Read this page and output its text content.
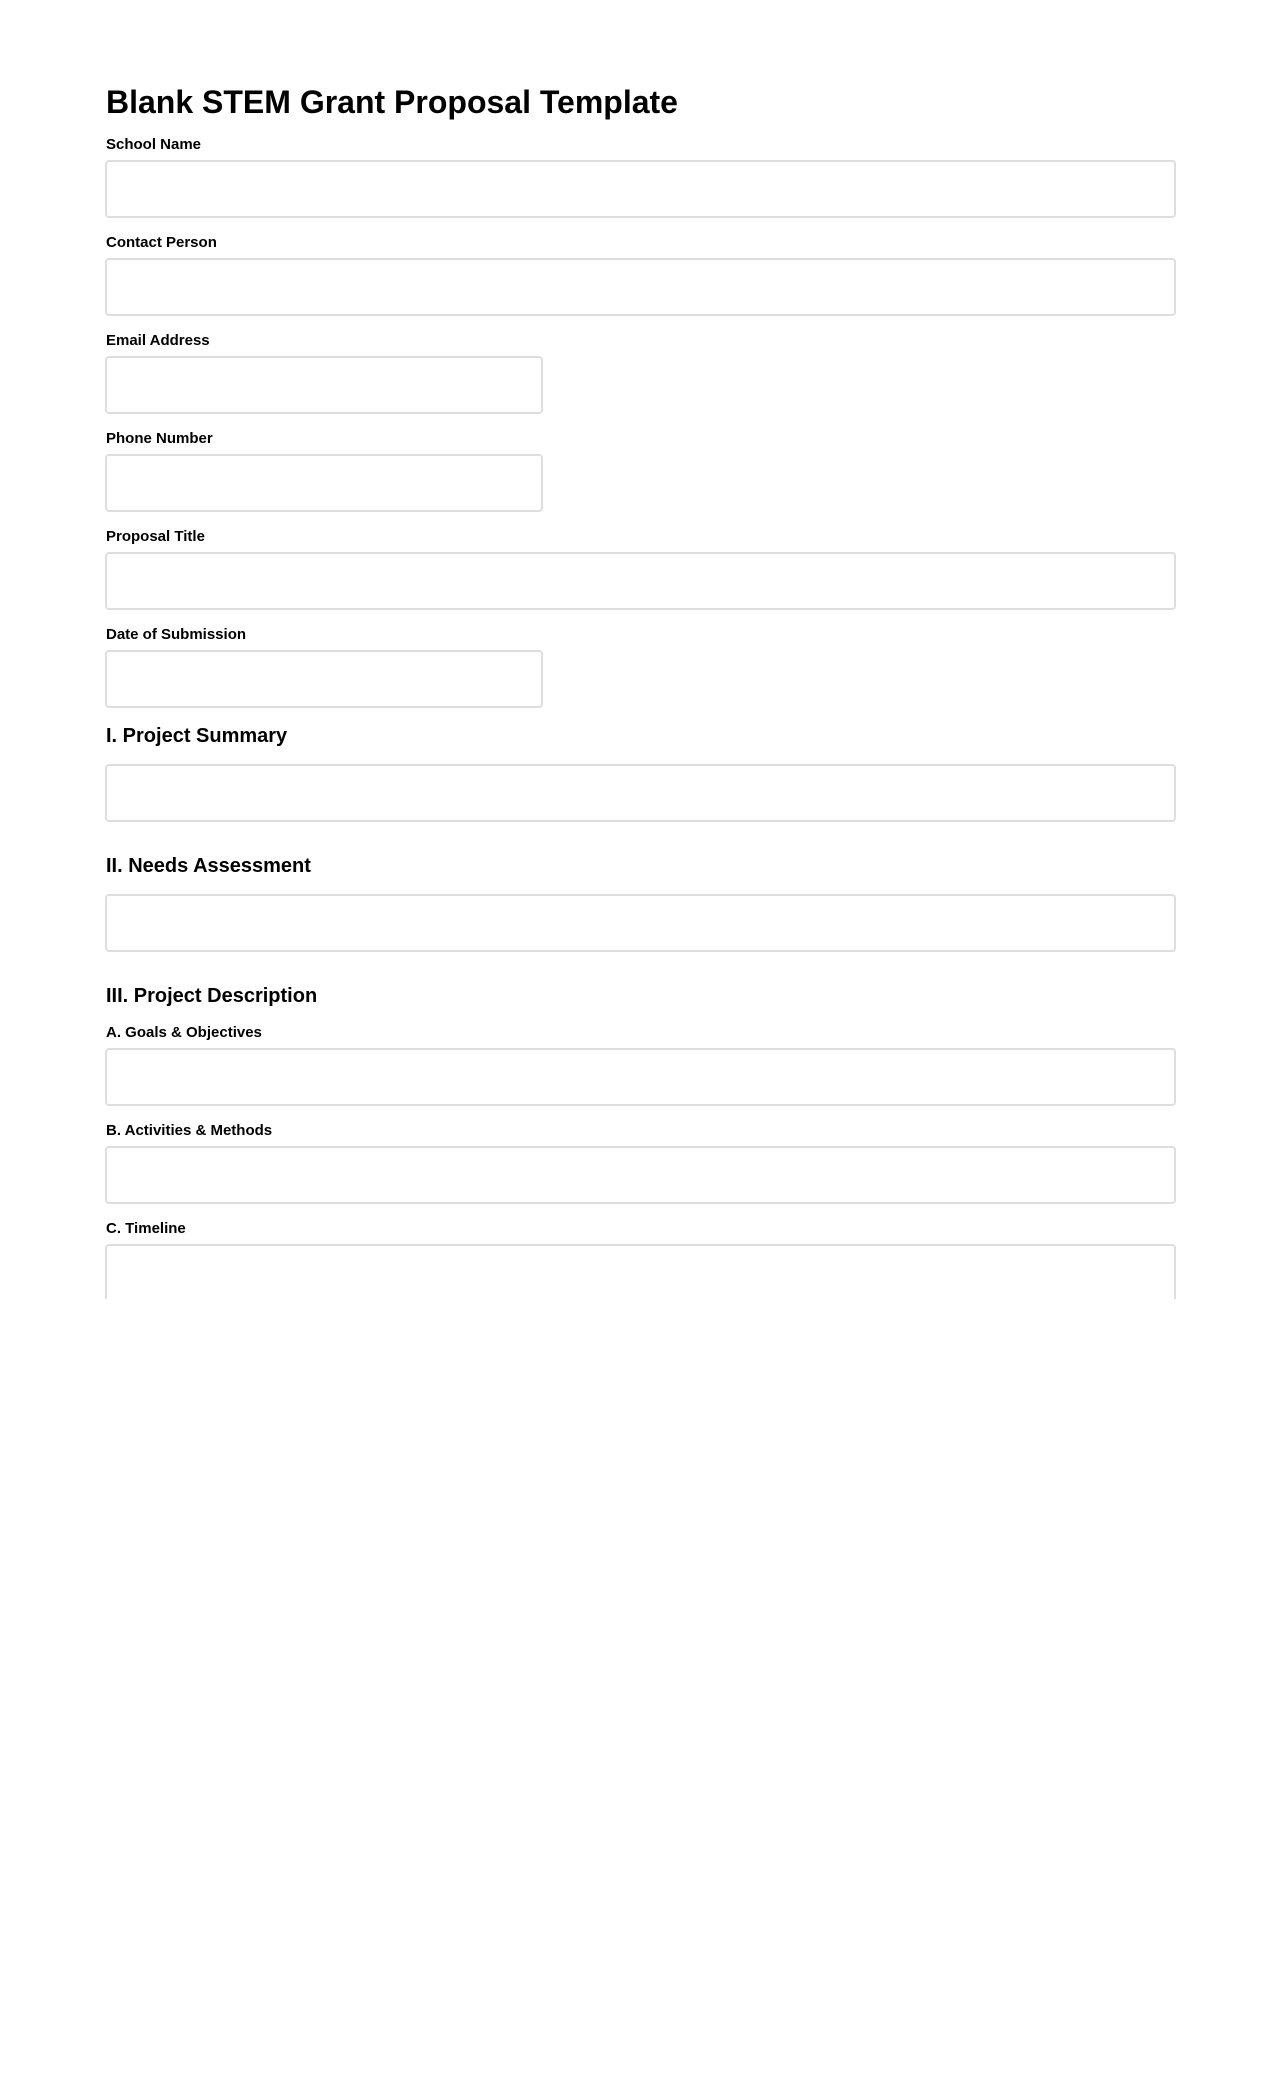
Blank STEM Grant Proposal Template
School Name
Contact Person
Email Address
Phone Number
Proposal Title
Date of Submission
I. Project Summary
II. Needs Assessment
III. Project Description
A. Goals & Objectives
B. Activities & Methods
C. Timeline
